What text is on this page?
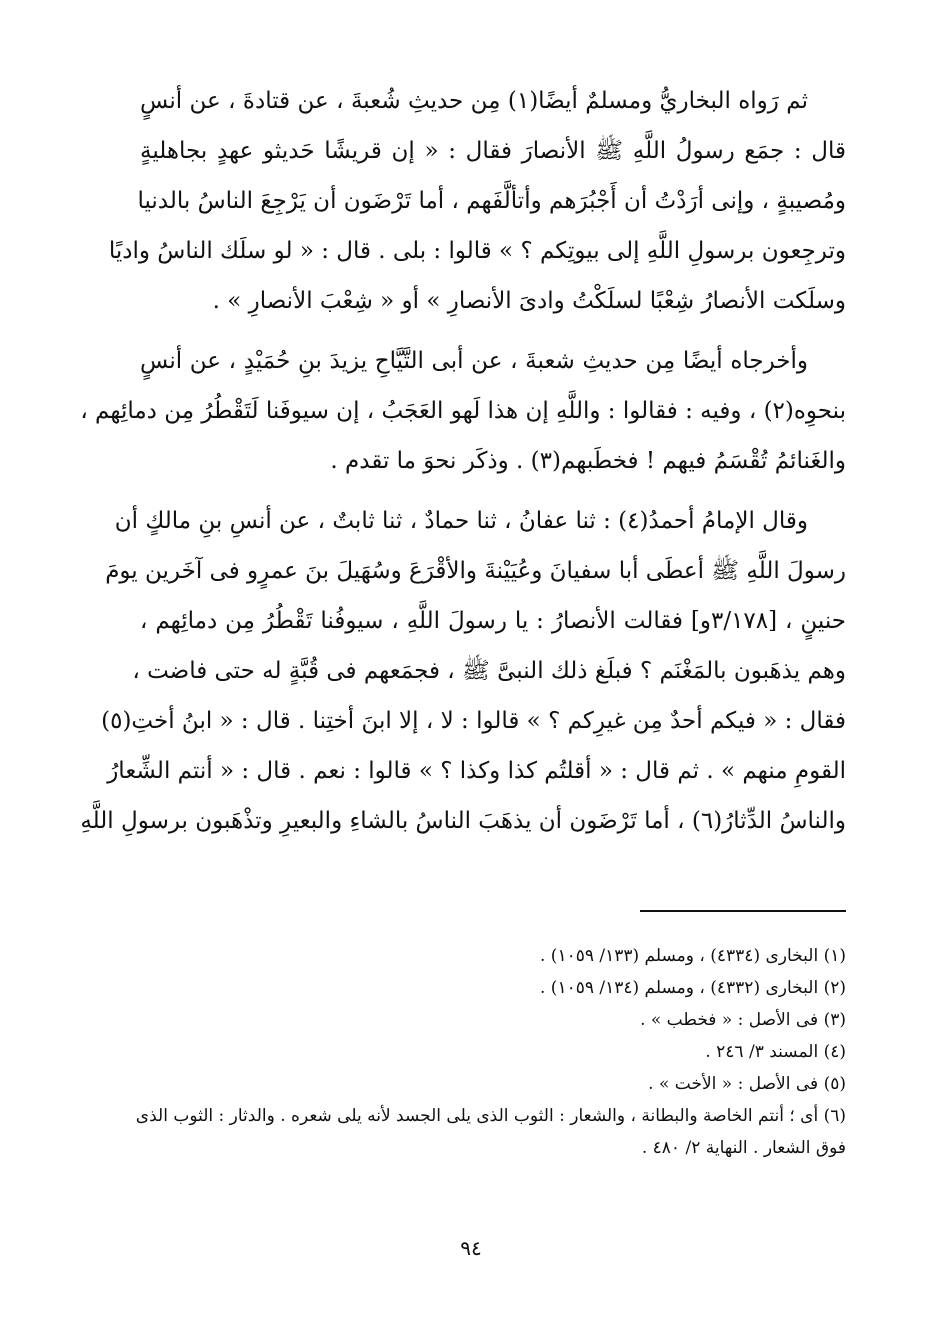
ثم رَواه البخاريُّ ومسلمٌ أيضًا(١) مِن حديثِ شُعبةَ ، عن قتادةَ ، عن أنسٍ
قال : جمَع رسولُ اللَّهِ ﷺ الأنصارَ فقال : « إن قريشًا حَديثو عهدٍ بجاهليةٍ
ومُصيبةٍ ، وإنى أرَدْتُ أن أَجْبُرَهم وأتألَّفَهم ، أما تَرْضَون أن يَرْجِعَ الناسُ بالدنيا
وترجِعون برسولِ اللَّهِ إلى بيوتِكم ؟ » قالوا : بلى . قال : « لو سلَك الناسُ واديًا
وسلَكت الأنصارُ شِعْبًا لسلَكْتُ وادىَ الأنصارِ » أو « شِعْبَ الأنصارِ » .
وأخرجاه أيضًا مِن حديثِ شعبةَ ، عن أبى التَّيَّاحِ يزيدَ بنِ حُمَيْدٍ ، عن أنسٍ
بنحوِه(٢) ، وفيه : فقالوا : واللَّهِ إن هذا لَهو العَجَبُ ، إن سيوفَنا لَتَقْطُرُ مِن دمائِهم ،
والغَنائمُ تُقْسَمُ فيهم ! فخطَبهم(٣) . وذكَر نحوَ ما تقدم .
وقال الإمامُ أحمدُ(٤) : ثنا عفانُ ، ثنا حمادٌ ، ثنا ثابتٌ ، عن أنسِ بنِ مالكٍ أن
رسولَ اللَّهِ ﷺ أعطَى أبا سفيانَ وعُيَيْنةَ والأقْرَعَ وسُهَيلَ بنَ عمرٍو فى آخَرين يومَ
حنينٍ ، [٣/١٧٨و] فقالت الأنصارُ : يا رسولَ اللَّهِ ، سيوفُنا تَقْطُرُ مِن دمائِهم ،
وهم يذهَبون بالمَغْنَم ؟ فبلَغ ذلك النبىَّ ﷺ ، فجمَعهم فى قُبَّةٍ له حتى فاضت ،
فقال : « فيكم أحدٌ مِن غيرِكم ؟ » قالوا : لا ، إلا ابنَ أختِنا . قال : « ابنُ أختِ(٥)
القومِ منهم » . ثم قال : « أقلتُم كذا وكذا ؟ » قالوا : نعم . قال : « أنتم الشِّعارُ
والناسُ الدِّثارُ(٦) ، أما تَرْضَون أن يذهَبَ الناسُ بالشاءِ والبعيرِ وتذْهَبون برسولِ اللَّهِ
(١) البخارى (٤٣٣٤) ، ومسلم (١٣٣/ ١٠٥٩) .
(٢) البخارى (٤٣٣٢) ، ومسلم (١٣٤/ ١٠٥٩) .
(٣) فى الأصل : « فخطب » .
(٤) المسند ٣/ ٢٤٦ .
(٥) فى الأصل : « الأخت » .
(٦) أى ؛ أنتم الخاصة والبطانة ، والشعار : الثوب الذى يلى الجسد لأنه يلى شعره . والدثار : الثوب الذى
فوق الشعار . النهاية ٢/ ٤٨٠ .
٩٤
